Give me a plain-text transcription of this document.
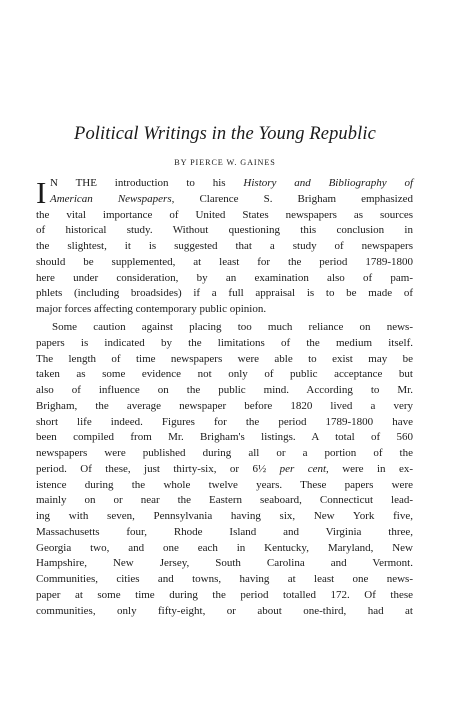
Political Writings in the Young Republic

BY PIERCE W. GAINES

I N THE introduction to his History and Bibliography of
American Newspapers, Clarence S. Brigham emphasized
the vital importance of United States newspapers as sources
of historical study. Without questioning this conclusion in
the slightest, it is suggested that a study of newspapers
should be supplemented, at least for the period 1789-1800
here under consideration, by an examination also of pam-
phlets (including broadsides) if a full appraisal is to be made of
major forces affecting contemporary public opinion.
Some caution against placing too much reliance on news-
papers is indicated by the limitations of the medium itself.
The length of time newspapers were able to exist may be
taken as some evidence not only of public acceptance but
also of influence on the public mind. According to Mr.
Brigham, the average newspaper before 1820 lived a very
short life indeed. Figures for the period 1789-1800 have
been compiled from Mr. Brigham's listings. A total of 560
newspapers were published during all or a portion of the
period. Of these, just thirty-six, or 6½ per cent, were in ex-
istence during the whole twelve years. These papers were
mainly on or near the Eastern seaboard, Connecticut lead-
ing with seven, Pennsylvania having six, New York five,
Massachusetts four, Rhode Island and Virginia three,
Georgia two, and one each in Kentucky, Maryland, New
Hampshire, New Jersey, South Carolina and Vermont.
Communities, cities and towns, having at least one news-
paper at some time during the period totalled 172. Of these
communities, only fifty-eight, or about one-third, had at
